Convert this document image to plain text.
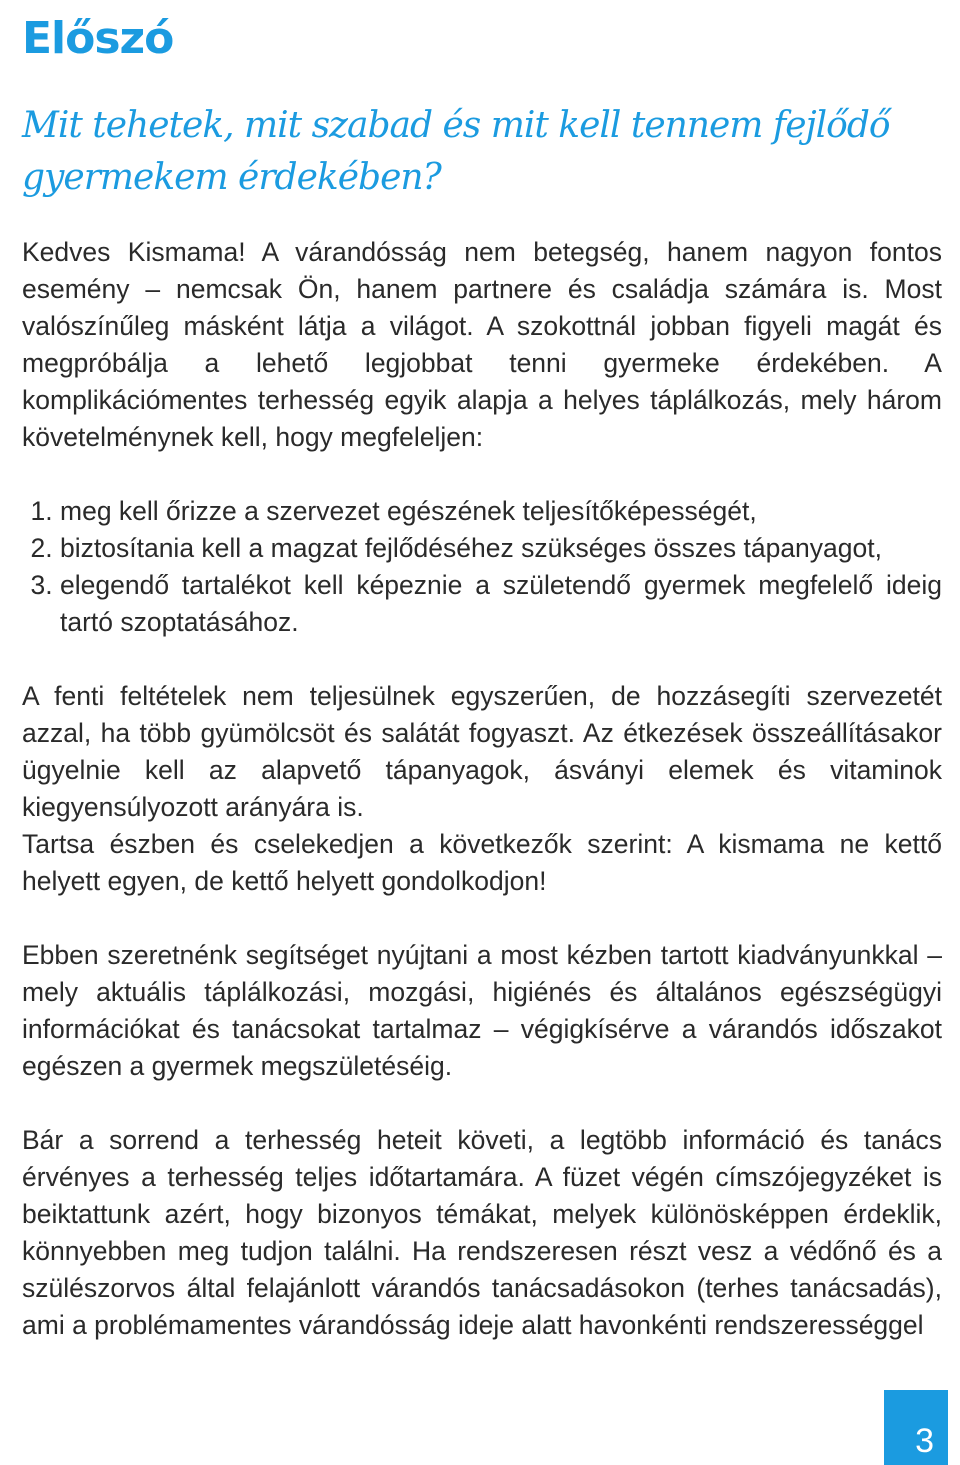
Előszó
Mit tehetek, mit szabad és mit kell tennem fejlődő gyermekem érdekében?

Kedves Kismama! A várandósság nem betegség, hanem nagyon fontos esemény – nemcsak Ön, hanem partnere és családja számára is. Most valószínűleg másként látja a világot. A szokottnál jobban figyeli magát és megpróbálja a lehető legjobbat tenni gyermeke érdekében. A komplikációmentes terhesség egyik alapja a helyes táplálkozás, mely három követelménynek kell, hogy megfeleljen:

1. meg kell őrizze a szervezet egészének teljesítőképességét,
2. biztosítania kell a magzat fejlődéséhez szükséges összes tápanyagot,
3. elegendő tartalékot kell képeznie a születendő gyermek megfelelő ideig tartó szoptatásához.

A fenti feltételek nem teljesülnek egyszerűen, de hozzásegíti szervezetét azzal, ha több gyümölcsöt és salátát fogyaszt. Az étkezések összeállításakor ügyelnie kell az alapvető tápanyagok, ásványi elemek és vitaminok kiegyensúlyozott arányára is.

Tartsa észben és cselekedjen a következők szerint: A kismama ne kettő helyett egyen, de kettő helyett gondolkodjon!

Ebben szeretnénk segítséget nyújtani a most kézben tartott kiadványunkkal – mely aktuális táplálkozási, mozgási, higiénés és általános egészségügyi információkat és tanácsokat tartalmaz – végigkísérve a várandós időszakot egészen a gyermek megszületéséig.

Bár a sorrend a terhesség heteit követi, a legtöbb információ és tanács érvényes a terhesség teljes időtartamára. A füzet végén címszójegyzéket is beiktattunk azért, hogy bizonyos témákat, melyek különösképpen érdeklik, könnyebben meg tudjon találni. Ha rendszeresen részt vesz a védőnő és a szülészorvos által felajánlott várandós tanácsadásokon (terhes tanácsadás), ami a problémamentes várandósság ideje alatt havonkénti rendszerességgel

3
